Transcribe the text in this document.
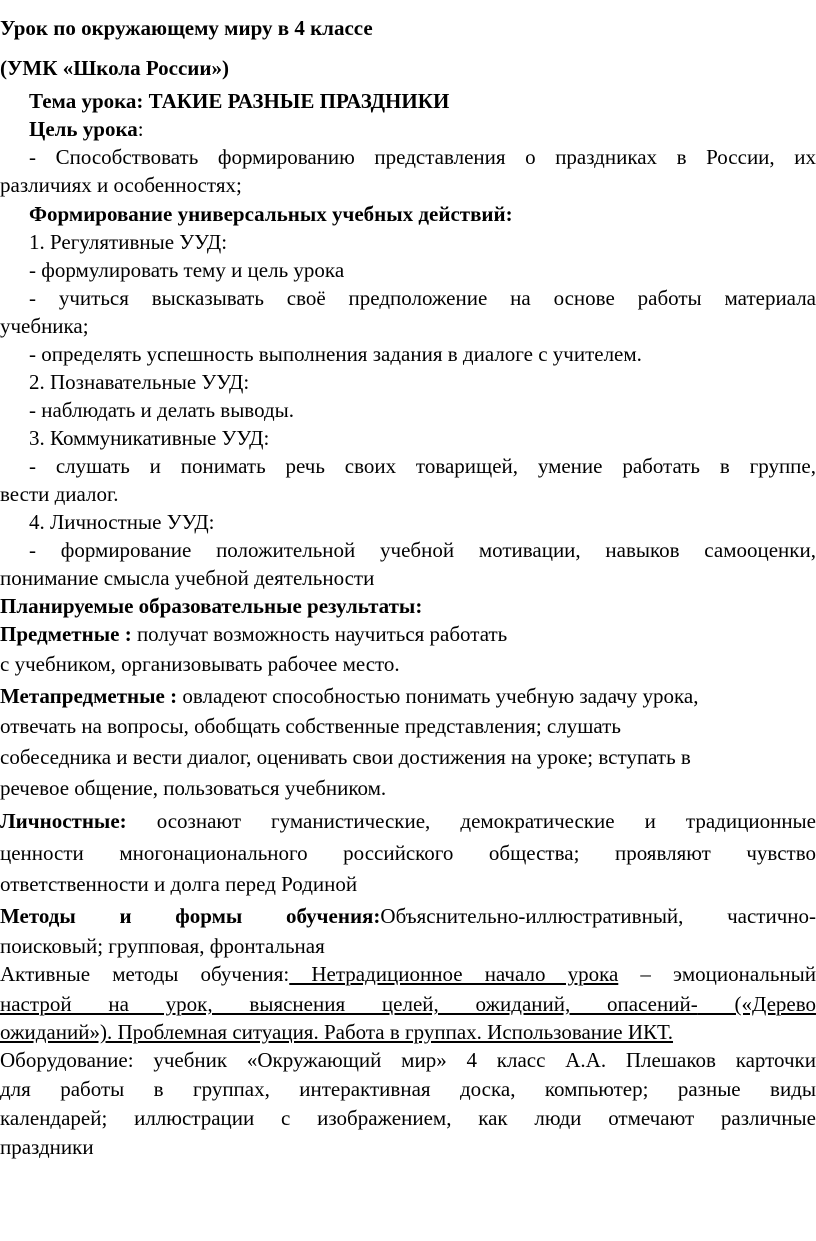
Урок по окружающему миру в 4 классе
(УМК «Школа России»)
Тема урока: ТАКИЕ РАЗНЫЕ ПРАЗДНИКИ
Цель урока:
- Способствовать формированию представления о праздниках в России, их
различиях и особенностях;
Формирование универсальных учебных действий:
1. Регулятивные УУД:
- формулировать тему и цель урока
- учиться высказывать своё предположение на основе работы материала
учебника;
- определять успешность выполнения задания в диалоге с учителем.
2. Познавательные УУД:
- наблюдать и делать выводы.
3. Коммуникативные УУД:
- слушать и понимать речь своих товарищей, умение работать в группе,
вести диалог.
4. Личностные УУД:
- формирование положительной учебной мотивации, навыков самооценки,
понимание смысла учебной деятельности
Планируемые образовательные результаты:
Предметные : получат возможность научиться работать
с учебником, организовывать рабочее место.
Метапредметные : овладеют способностью понимать учебную задачу урока,
отвечать на вопросы, обобщать собственные представления; слушать
собеседника и вести диалог, оценивать свои достижения на уроке; вступать в
речевое общение, пользоваться учебником.
Личностные: осознают гуманистические, демократические и традиционные
ценности многонационального российского общества; проявляют чувство
ответственности и долга перед Родиной
Методы и формы обучения:Объяснительно-иллюстративный, частично-
поисковый; групповая, фронтальная
Активные методы обучения: Нетрадиционное начало урока – эмоциональный
настрой на урок, выяснения целей, ожиданий, опасений- («Дерево
ожиданий»). Проблемная ситуация. Работа в группах. Использование ИКТ.
Оборудование: учебник «Окружающий мир» 4 класс А.А. Плешаков карточки
для работы в группах, интерактивная доска, компьютер; разные виды
календарей; иллюстрации с изображением, как люди отмечают различные
праздники
